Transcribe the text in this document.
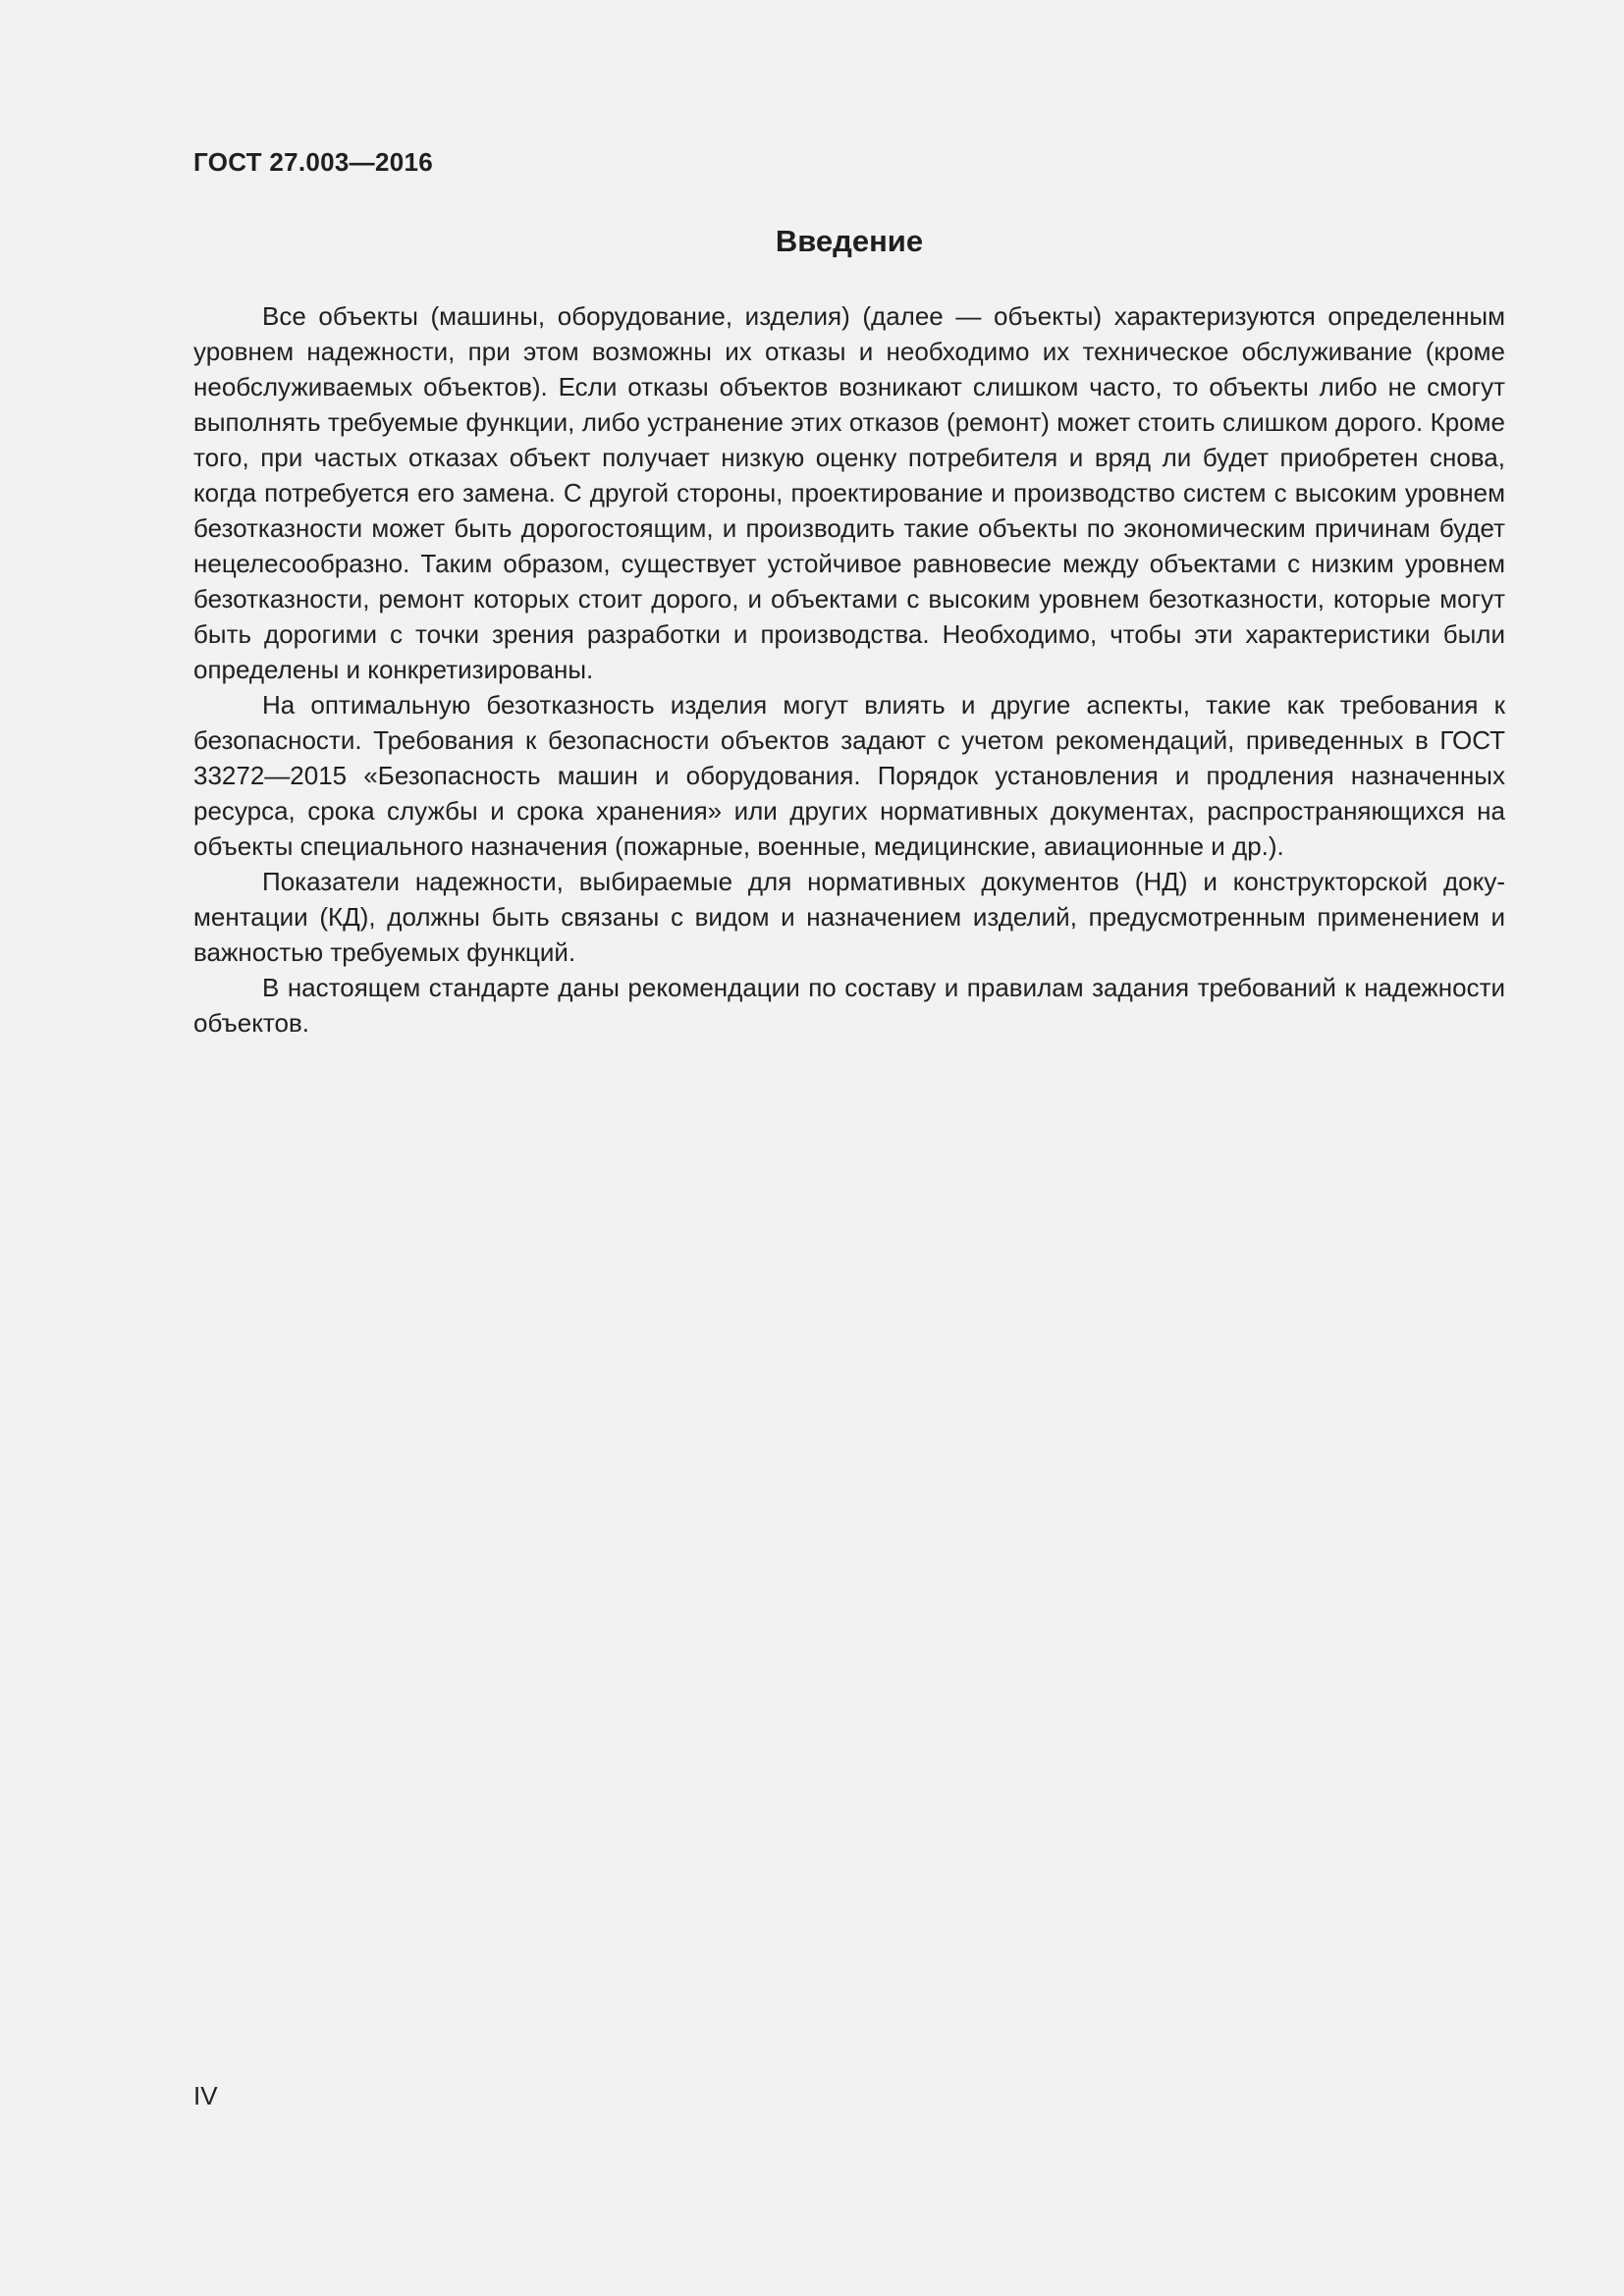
ГОСТ 27.003—2016
Введение

Все объекты (машины, оборудование, изделия) (далее — объекты) характеризуются определенным уровнем надежности, при этом возможны их отказы и необходимо их техническое обслуживание (кроме необслуживаемых объектов). Если отказы объектов возникают слишком часто, то объекты либо не смогут выполнять требуемые функции, либо устранение этих отказов (ремонт) может стоить слишком дорого. Кроме того, при частых отказах объект получает низкую оценку потребителя и вряд ли будет приобретен снова, когда потребуется его замена. С другой стороны, проектирование и производство систем с высоким уровнем безотказности может быть дорогостоящим, и производить такие объекты по экономическим причинам будет нецелесообразно. Таким образом, существует устойчивое равновесие между объектами с низким уровнем безотказности, ремонт которых стоит дорого, и объектами с высоким уровнем безотказности, которые могут быть дорогими с точки зрения разработки и производства. Необходимо, чтобы эти характеристики были определены и конкретизированы.

На оптимальную безотказность изделия могут влиять и другие аспекты, такие как требования к безопасности. Требования к безопасности объектов задают с учетом рекомендаций, приведенных в ГОСТ 33272—2015 «Безопасность машин и оборудования. Порядок установления и продления назначенных ресурса, срока службы и срока хранения» или других нормативных документах, распространяющихся на объекты специального назначения (пожарные, военные, медицинские, авиационные и др.).

Показатели надежности, выбираемые для нормативных документов (НД) и конструкторской документации (КД), должны быть связаны с видом и назначением изделий, предусмотренным применением и важностью требуемых функций.

В настоящем стандарте даны рекомендации по составу и правилам задания требований к надежности объектов.

IV
